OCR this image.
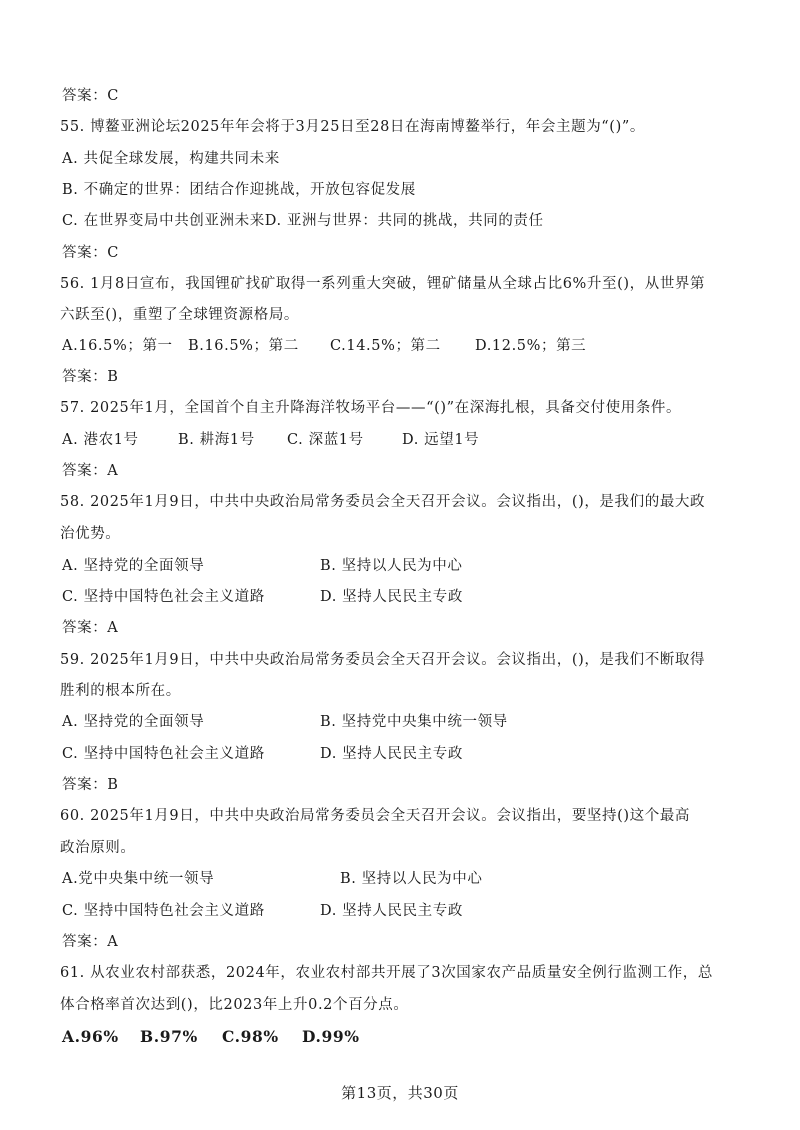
答案：C
55. 博鳌亚洲论坛2025年年会将于3月25日至28日在海南博鳌举行，年会主题为“()”。
A. 共促全球发展，构建共同未来
B. 不确定的世界：团结合作迎挑战，开放包容促发展
C. 在世界变局中共创亚洲未来D. 亚洲与世界：共同的挑战，共同的责任
答案：C
56. 1月8日宣布，我国锂矿找矿取得一系列重大突破，锂矿储量从全球占比6%升至()，从世界第
六跃至()，重塑了全球锂资源格局。
A.16.5%；第一 B.16.5%；第二 C.14.5%；第二 D.12.5%；第三
答案：B
57. 2025年1月，全国首个自主升降海洋牧场平台——“()”在深海扎根，具备交付使用条件。
A. 港农1号	B. 耕海1号 C. 深蓝1号	D. 远望1号
答案：A
58. 2025年1月9日，中共中央政治局常务委员会全天召开会议。会议指出，()，是我们的最大政
治优势。
A. 坚持党的全面领导	B. 坚持以人民为中心
C. 坚持中国特色社会主义道路	D. 坚持人民民主专政
答案：A
59. 2025年1月9日，中共中央政治局常务委员会全天召开会议。会议指出，()，是我们不断取得
胜利的根本所在。
A. 坚持党的全面领导	B. 坚持党中央集中统一领导
C. 坚持中国特色社会主义道路	D. 坚持人民民主专政
答案：B
60. 2025年1月9日，中共中央政治局常务委员会全天召开会议。会议指出，要坚持()这个最高
政治原则。
A.党中央集中统一领导	B. 坚持以人民为中心
C. 坚持中国特色社会主义道路	D. 坚持人民民主专政
答案：A
61. 从农业农村部获悉，2024年，农业农村部共开展了3次国家农产品质量安全例行监测工作，总
体合格率首次达到()，比2023年上升0.2个百分点。
A.96% B.97% C.98% D.99%
第13页，共30页
